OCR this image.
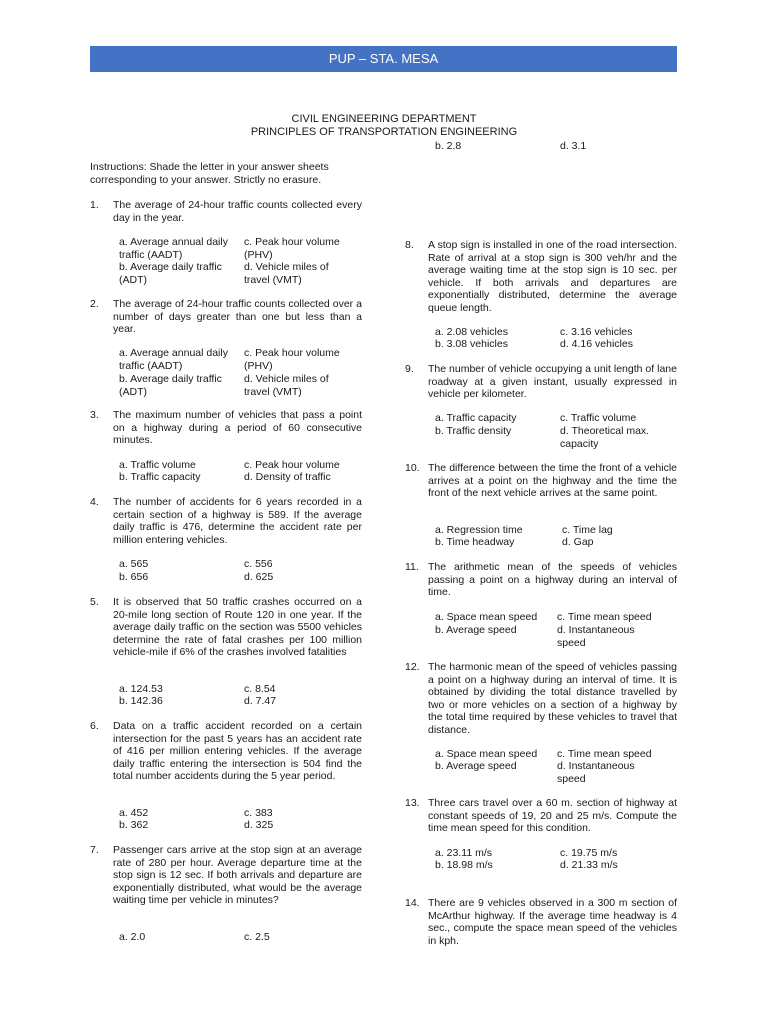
PUP – STA. MESA
CIVIL ENGINEERING DEPARTMENT
PRINCIPLES OF TRANSPORTATION ENGINEERING
Instructions: Shade the letter in your answer sheets corresponding to your answer. Strictly no erasure.
1. The average of 24-hour traffic counts collected every day in the year.
a. Average annual daily traffic (AADT)
b. Average daily traffic (ADT)
c. Peak hour volume (PHV)
d. Vehicle miles of travel (VMT)
2. The average of 24-hour traffic counts collected over a number of days greater than one but less than a year.
a. Average annual daily traffic (AADT)
b. Average daily traffic (ADT)
c. Peak hour volume (PHV)
d. Vehicle miles of travel (VMT)
3. The maximum number of vehicles that pass a point on a highway during a period of 60 consecutive minutes.
a. Traffic volume
b. Traffic capacity
c. Peak hour volume
d. Density of traffic
4. The number of accidents for 6 years recorded in a certain section of a highway is 589. If the average daily traffic is 476, determine the accident rate per million entering vehicles.
a. 565
b. 656
c. 556
d. 625
5. It is observed that 50 traffic crashes occurred on a 20-mile long section of Route 120 in one year. If the average daily traffic on the section was 5500 vehicles determine the rate of fatal crashes per 100 million vehicle-mile if 6% of the crashes involved fatalities
a. 124.53
b. 142.36
c. 8.54
d. 7.47
6. Data on a traffic accident recorded on a certain intersection for the past 5 years has an accident rate of 416 per million entering vehicles. If the average daily traffic entering the intersection is 504 find the total number accidents during the 5 year period.
a. 452
b. 362
c. 383
d. 325
7. Passenger cars arrive at the stop sign at an average rate of 280 per hour. Average departure time at the stop sign is 12 sec. If both arrivals and departure are exponentially distributed, what would be the average waiting time per vehicle in minutes?
a. 2.0	c. 2.5
b. 2.8	d. 3.1
8. A stop sign is installed in one of the road intersection. Rate of arrival at a stop sign is 300 veh/hr and the average waiting time at the stop sign is 10 sec. per vehicle. If both arrivals and departures are exponentially distributed, determine the average queue length.
a. 2.08 vehicles
b. 3.08 vehicles
c. 3.16 vehicles
d. 4.16 vehicles
9. The number of vehicle occupying a unit length of lane roadway at a given instant, usually expressed in vehicle per kilometer.
a. Traffic capacity
b. Traffic density
c. Traffic volume
d. Theoretical max. capacity
10. The difference between the time the front of a vehicle arrives at a point on the highway and the time the front of the next vehicle arrives at the same point.
a. Regression time
b. Time headway
c. Time lag
d. Gap
11. The arithmetic mean of the speeds of vehicles passing a point on a highway during an interval of time.
a. Space mean speed
b. Average speed
c. Time mean speed
d. Instantaneous speed
12. The harmonic mean of the speed of vehicles passing a point on a highway during an interval of time. It is obtained by dividing the total distance travelled by two or more vehicles on a section of a highway by the total time required by these vehicles to travel that distance.
a. Space mean speed
b. Average speed
c. Time mean speed
d. Instantaneous speed
13. Three cars travel over a 60 m. section of highway at constant speeds of 19, 20 and 25 m/s. Compute the time mean speed for this condition.
a. 23.11 m/s
b. 18.98 m/s
c. 19.75 m/s
d. 21.33 m/s
14. There are 9 vehicles observed in a 300 m section of McArthur highway. If the average time headway is 4 sec., compute the space mean speed of the vehicles in kph.
